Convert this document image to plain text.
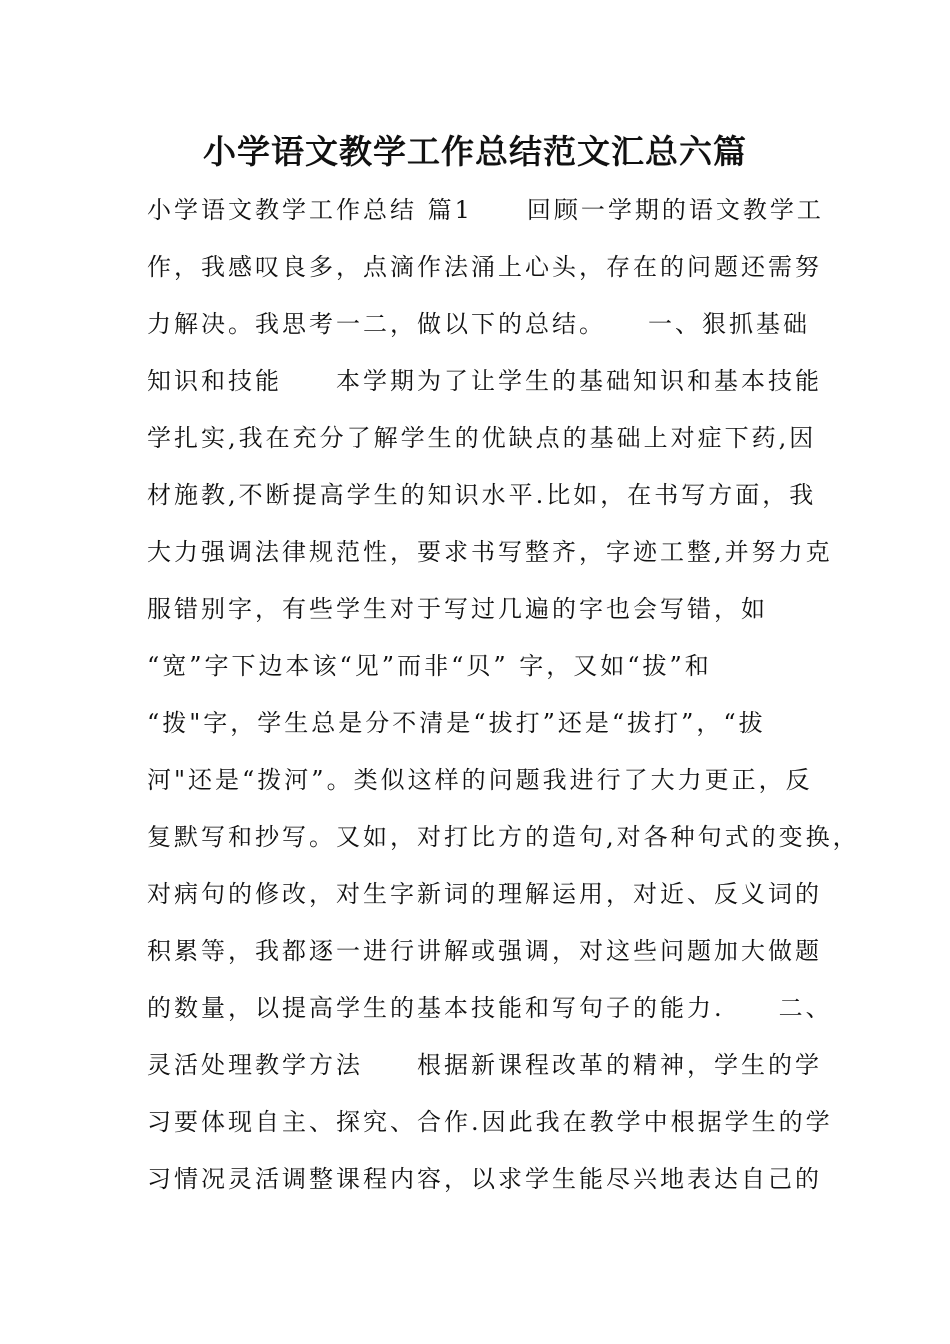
小学语文教学工作总结范文汇总六篇
小学语文教学工作总结 篇1　　回顾一学期的语文教学工
作，我感叹良多，点滴作法涌上心头，存在的问题还需努
力解决。我思考一二，做以下的总结。　　一、狠抓基础
知识和技能　　本学期为了让学生的基础知识和基本技能
学扎实,我在充分了解学生的优缺点的基础上对症下药,因
材施教,不断提高学生的知识水平.比如，在书写方面，我
大力强调法律规范性，要求书写整齐，字迹工整,并努力克
服错别字，有些学生对于写过几遍的字也会写错，如
“宽”字下边本该“见”而非“贝” 字，又如“拔”和
“拨"字，学生总是分不清是“拔打”还是“拔打”，“拔
河"还是“拨河”。类似这样的问题我进行了大力更正，反
复默写和抄写。又如，对打比方的造句,对各种句式的变换，
对病句的修改，对生字新词的理解运用，对近、反义词的
积累等，我都逐一进行讲解或强调，对这些问题加大做题
的数量，以提高学生的基本技能和写句子的能力.　　二、
灵活处理教学方法　　根据新课程改革的精神，学生的学
习要体现自主、探究、合作.因此我在教学中根据学生的学
习情况灵活调整课程内容，以求学生能尽兴地表达自己的
